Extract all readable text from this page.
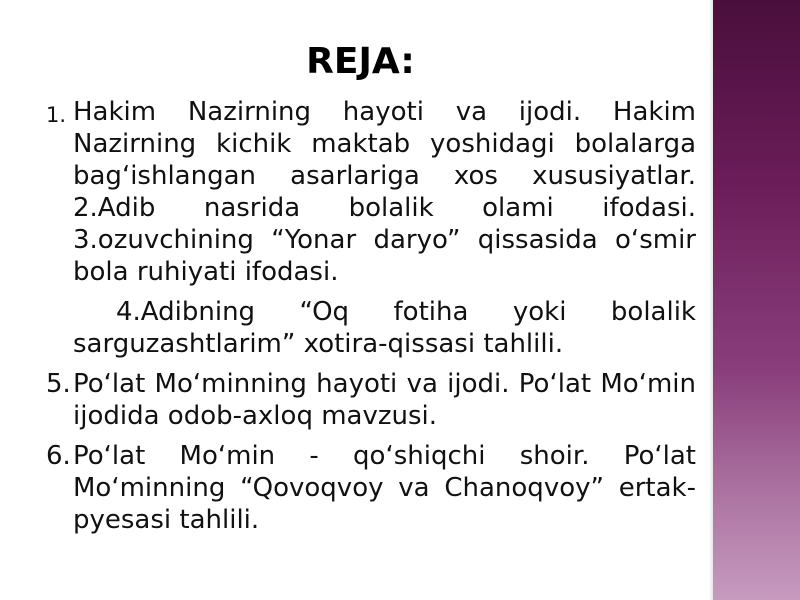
REJA:

1. Hakim Nazirning hayoti va ijodi. Hakim Nazirning kichik maktab yoshidagi bolalarga bag‘ishlangan asarlariga xos xususiyatlar. 2.Adib nasrida bolalik olami ifodasi. 3.ozuvchining “Yonar daryo” qissasida o‘smir bola ruhiyati ifodasi.

4.Adibning “Oq fotiha yoki bolalik sarguzashtlarim” xotira-qissasi tahlili.

5. Po‘lat Mo‘minning hayoti va ijodi. Po‘lat Mo‘min ijodida odob-axloq mavzusi.

6. Po‘lat Mo‘min - qo‘shiqchi shoir. Po‘lat Mo‘minning “Qovoqvoy va Chanoqvoy” ertak-pyesasi tahlili.
